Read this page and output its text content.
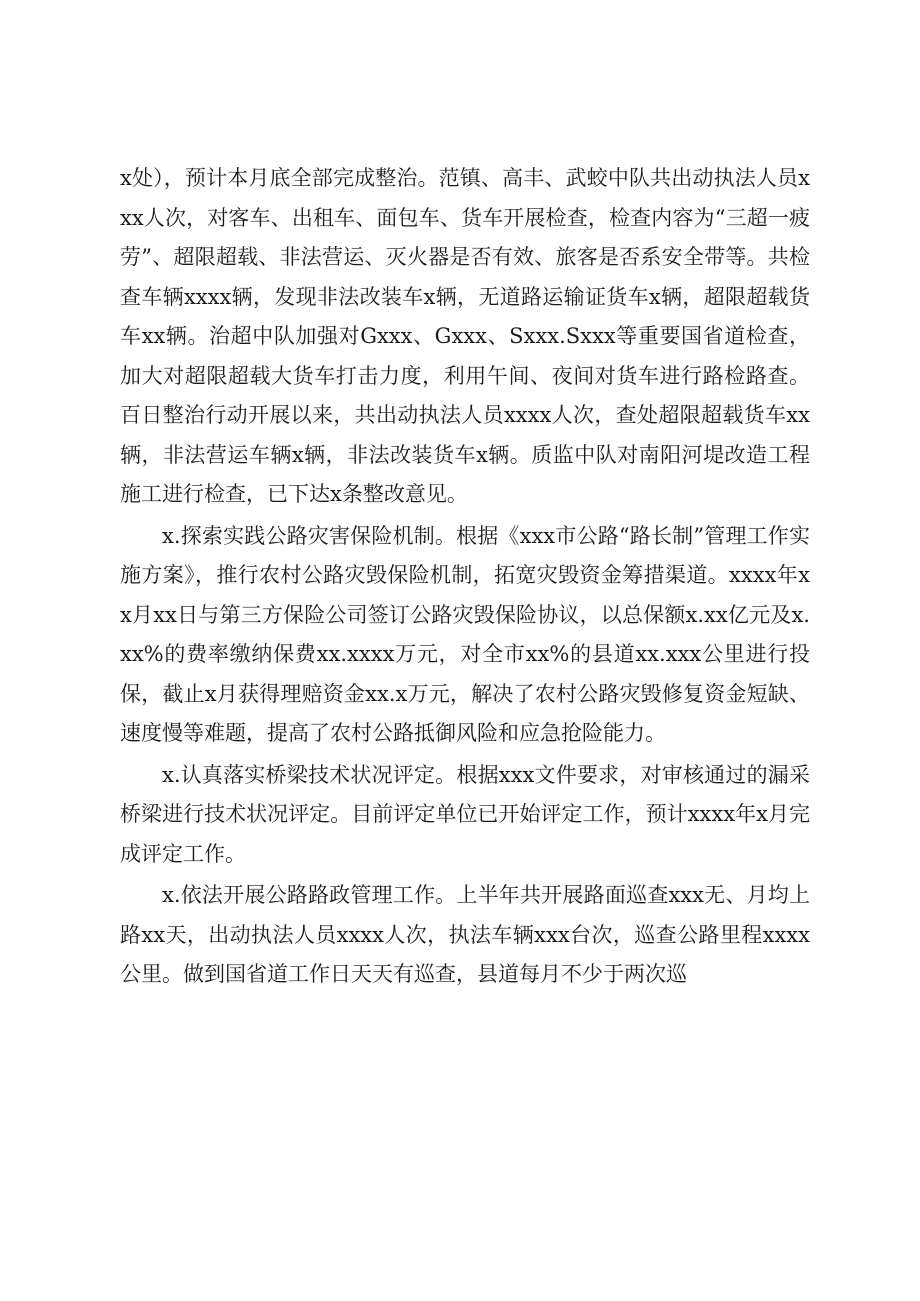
x处），预计本月底全部完成整治。范镇、高丰、武蛟中队共出动执法人员xxx人次，对客车、出租车、面包车、货车开展检查，检查内容为“三超一疲劳”、超限超载、非法营运、灭火器是否有效、旅客是否系安全带等。共检查车辆xxxx辆，发现非法改装车x辆，无道路运输证货车x辆，超限超载货车xx辆。治超中队加强对Gxxx、Gxxx、Sxxx.Sxxx等重要国省道检查，加大对超限超载大货车打击力度，利用午间、夜间对货车进行路检路查。百日整治行动开展以来，共出动执法人员xxxx人次，查处超限超载货车xx辆，非法营运车辆x辆，非法改装货车x辆。质监中队对南阳河堤改造工程施工进行检查，已下达x条整改意见。

x.探索实践公路灾害保险机制。根据《xxx市公路“路长制”管理工作实施方案》，推行农村公路灾毁保险机制，拓宽灾毁资金筹措渠道。xxxx年xx月xx日与第三方保险公司签订公路灾毁保险协议，以总保额x.xx亿元及x.xx%的费率缴纳保费xx.xxxx万元，对全市xx%的县道xx.xxx公里进行投保，截止x月获得理赔资金xx.x万元，解决了农村公路灾毁修复资金短缺、速度慢等难题，提高了农村公路抵御风险和应急抢险能力。

x.认真落实桥梁技术状况评定。根据xxx文件要求，对审核通过的漏采桥梁进行技术状况评定。目前评定单位已开始评定工作，预计xxxx年x月完成评定工作。

x.依法开展公路路政管理工作。上半年共开展路面巡查xxx无、月均上路xx天，出动执法人员xxxx人次，执法车辆xxx台次，巡查公路里程xxxx公里。做到国省道工作日天天有巡查，县道每月不少于两次巡
